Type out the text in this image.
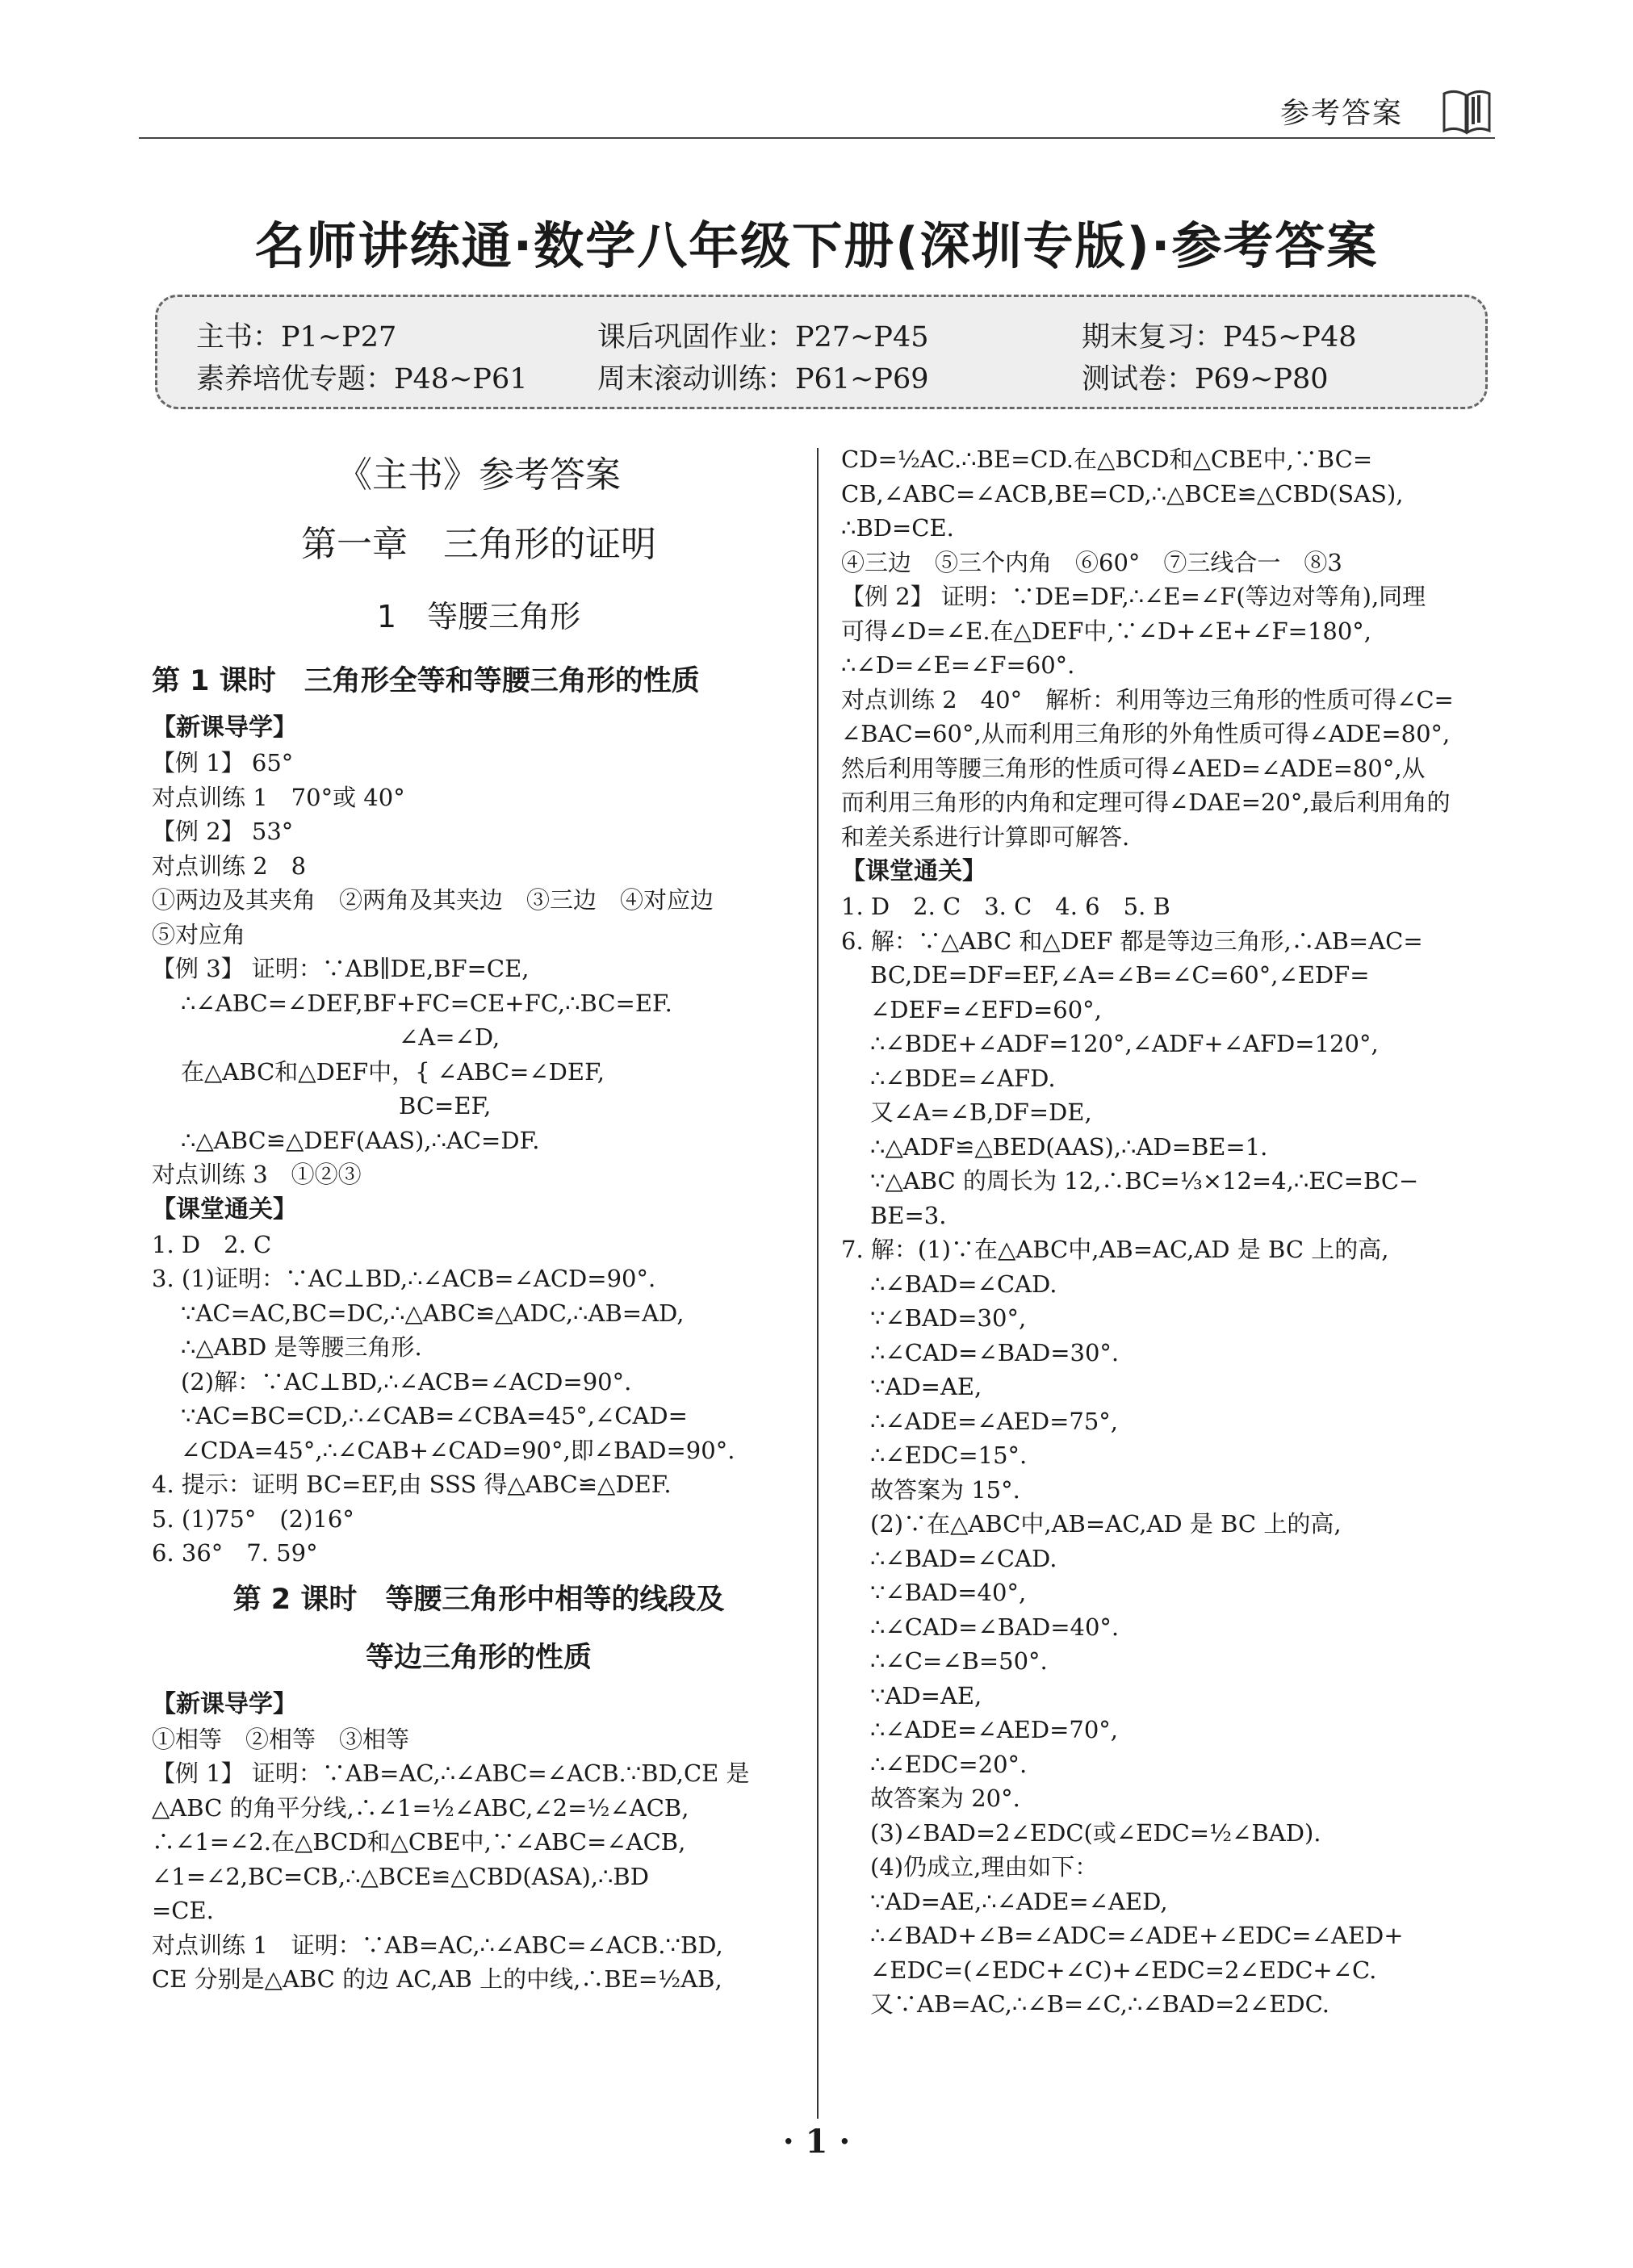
参考答案
名师讲练通·数学八年级下册(深圳专版)·参考答案
主书：P1~P27	课后巩固作业：P27~P45	期末复习：P45~P48
素养培优专题：P48~P61 周末滚动训练：P61~P69	测试卷：P69~P80
《主书》参考答案
第一章　三角形的证明
1　等腰三角形
第 1 课时　三角形全等和等腰三角形的性质
【新课导学】
【例 1】 65°
对点训练 1　70°或 40°
【例 2】 53°
对点训练 2　8
①两边及其夹角　②两角及其夹边　③三边　④对应边
⑤对应角
【例 3】 证明：∵AB∥DE,BF=CE,
∴∠ABC=∠DEF,BF+FC=CE+FC,∴BC=EF.
∠A=∠D,
在△ABC和△DEF中，{ ∠ABC=∠DEF,
BC=EF,
∴△ABC≌△DEF(AAS),∴AC=DF.
对点训练 3　①②③
【课堂通关】
1. D　2. C
3. (1)证明：∵AC⊥BD,∴∠ACB=∠ACD=90°.
∵AC=AC,BC=DC,∴△ABC≌△ADC,∴AB=AD,
∴△ABD 是等腰三角形.
(2)解：∵AC⊥BD,∴∠ACB=∠ACD=90°.
∵AC=BC=CD,∴∠CAB=∠CBA=45°,∠CAD=
∠CDA=45°,∴∠CAB+∠CAD=90°,即∠BAD=90°.
4. 提示：证明 BC=EF,由 SSS 得△ABC≌△DEF.
5. (1)75°　(2)16°
6. 36°　7. 59°
第 2 课时　等腰三角形中相等的线段及
等边三角形的性质
【新课导学】
①相等　②相等　③相等
【例 1】 证明：∵AB=AC,∴∠ABC=∠ACB.∵BD,CE 是
△ABC 的角平分线,∴∠1=½∠ABC,∠2=½∠ACB,
∴∠1=∠2.在△BCD和△CBE中,∵∠ABC=∠ACB,
∠1=∠2,BC=CB,∴△BCE≌△CBD(ASA),∴BD
=CE.
对点训练 1　证明：∵AB=AC,∴∠ABC=∠ACB.∵BD,
CE 分别是△ABC 的边 AC,AB 上的中线,∴BE=½AB,
CD=½AC.∴BE=CD.在△BCD和△CBE中,∵BC=
CB,∠ABC=∠ACB,BE=CD,∴△BCE≌△CBD(SAS),
∴BD=CE.
④三边　⑤三个内角　⑥60°　⑦三线合一　⑧3
【例 2】 证明：∵DE=DF,∴∠E=∠F(等边对等角),同理
可得∠D=∠E.在△DEF中,∵∠D+∠E+∠F=180°,
∴∠D=∠E=∠F=60°.
对点训练 2　40°　解析：利用等边三角形的性质可得∠C=
∠BAC=60°,从而利用三角形的外角性质可得∠ADE=80°,
然后利用等腰三角形的性质可得∠AED=∠ADE=80°,从
而利用三角形的内角和定理可得∠DAE=20°,最后利用角的
和差关系进行计算即可解答.
【课堂通关】
1. D　2. C　3. C　4. 6　5. B
6. 解：∵△ABC 和△DEF 都是等边三角形,∴AB=AC=
BC,DE=DF=EF,∠A=∠B=∠C=60°,∠EDF=
∠DEF=∠EFD=60°,
∴∠BDE+∠ADF=120°,∠ADF+∠AFD=120°,
∴∠BDE=∠AFD.
又∠A=∠B,DF=DE,
∴△ADF≌△BED(AAS),∴AD=BE=1.
∵△ABC 的周长为 12,∴BC=⅓×12=4,∴EC=BC−
BE=3.
7. 解：(1)∵在△ABC中,AB=AC,AD 是 BC 上的高,
∴∠BAD=∠CAD.
∵∠BAD=30°,
∴∠CAD=∠BAD=30°.
∵AD=AE,
∴∠ADE=∠AED=75°,
∴∠EDC=15°.
故答案为 15°.
(2)∵在△ABC中,AB=AC,AD 是 BC 上的高,
∴∠BAD=∠CAD.
∵∠BAD=40°,
∴∠CAD=∠BAD=40°.
∴∠C=∠B=50°.
∵AD=AE,
∴∠ADE=∠AED=70°,
∴∠EDC=20°.
故答案为 20°.
(3)∠BAD=2∠EDC(或∠EDC=½∠BAD).
(4)仍成立,理由如下：
∵AD=AE,∴∠ADE=∠AED,
∴∠BAD+∠B=∠ADC=∠ADE+∠EDC=∠AED+
∠EDC=(∠EDC+∠C)+∠EDC=2∠EDC+∠C.
又∵AB=AC,∴∠B=∠C,∴∠BAD=2∠EDC.
· 1 ·
